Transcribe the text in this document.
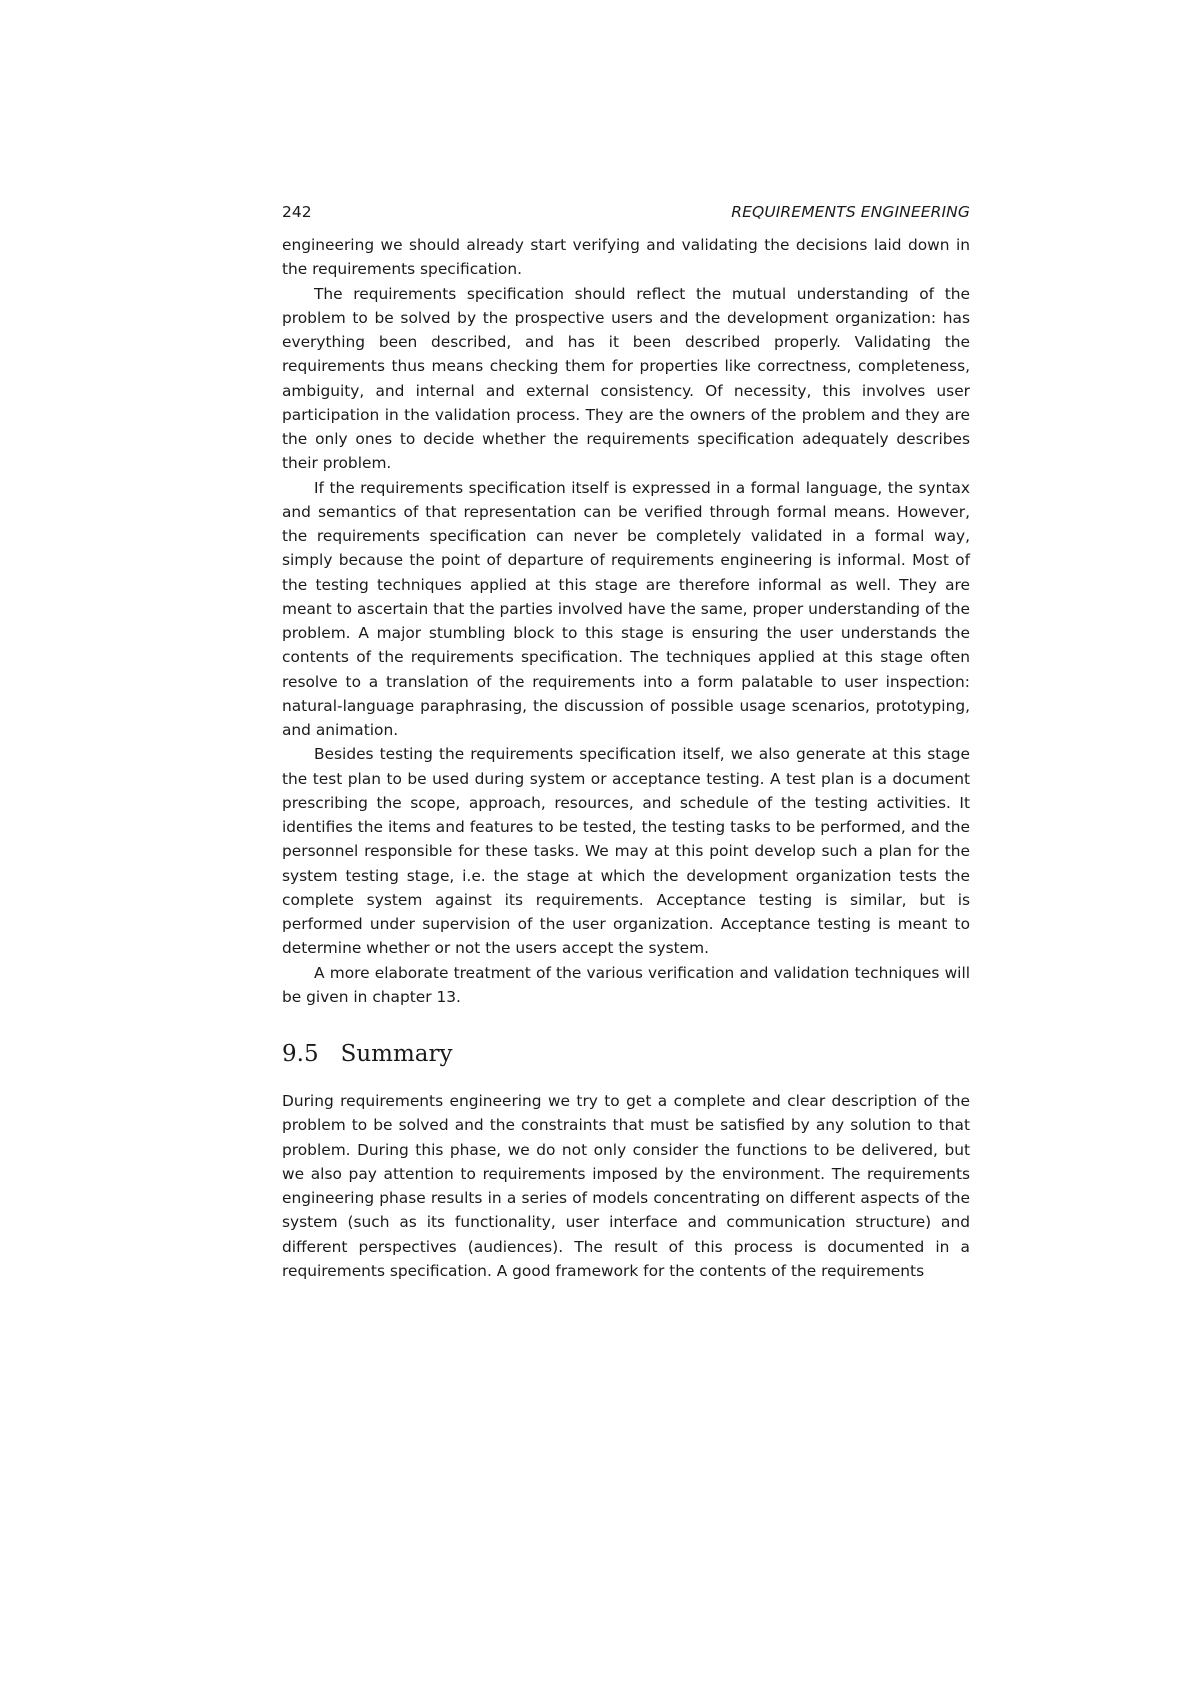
242	REQUIREMENTS ENGINEERING

engineering we should already start verifying and validating the decisions laid down in the requirements specification.

The requirements specification should reflect the mutual understanding of the problem to be solved by the prospective users and the development organization: has everything been described, and has it been described properly. Validating the requirements thus means checking them for properties like correctness, completeness, ambiguity, and internal and external consistency. Of necessity, this involves user participation in the validation process. They are the owners of the problem and they are the only ones to decide whether the requirements specification adequately describes their problem.

If the requirements specification itself is expressed in a formal language, the syntax and semantics of that representation can be verified through formal means. However, the requirements specification can never be completely validated in a formal way, simply because the point of departure of requirements engineering is informal. Most of the testing techniques applied at this stage are therefore informal as well. They are meant to ascertain that the parties involved have the same, proper understanding of the problem. A major stumbling block to this stage is ensuring the user understands the contents of the requirements specification. The techniques applied at this stage often resolve to a translation of the requirements into a form palatable to user inspection: natural-language paraphrasing, the discussion of possible usage scenarios, prototyping, and animation.

Besides testing the requirements specification itself, we also generate at this stage the test plan to be used during system or acceptance testing. A test plan is a document prescribing the scope, approach, resources, and schedule of the testing activities. It identifies the items and features to be tested, the testing tasks to be performed, and the personnel responsible for these tasks. We may at this point develop such a plan for the system testing stage, i.e. the stage at which the development organization tests the complete system against its requirements. Acceptance testing is similar, but is performed under supervision of the user organization. Acceptance testing is meant to determine whether or not the users accept the system.

A more elaborate treatment of the various verification and validation techniques will be given in chapter 13.

9.5 Summary

During requirements engineering we try to get a complete and clear description of the problem to be solved and the constraints that must be satisfied by any solution to that problem. During this phase, we do not only consider the functions to be delivered, but we also pay attention to requirements imposed by the environment. The requirements engineering phase results in a series of models concentrating on different aspects of the system (such as its functionality, user interface and communication structure) and different perspectives (audiences). The result of this process is documented in a requirements specification. A good framework for the contents of the requirements
